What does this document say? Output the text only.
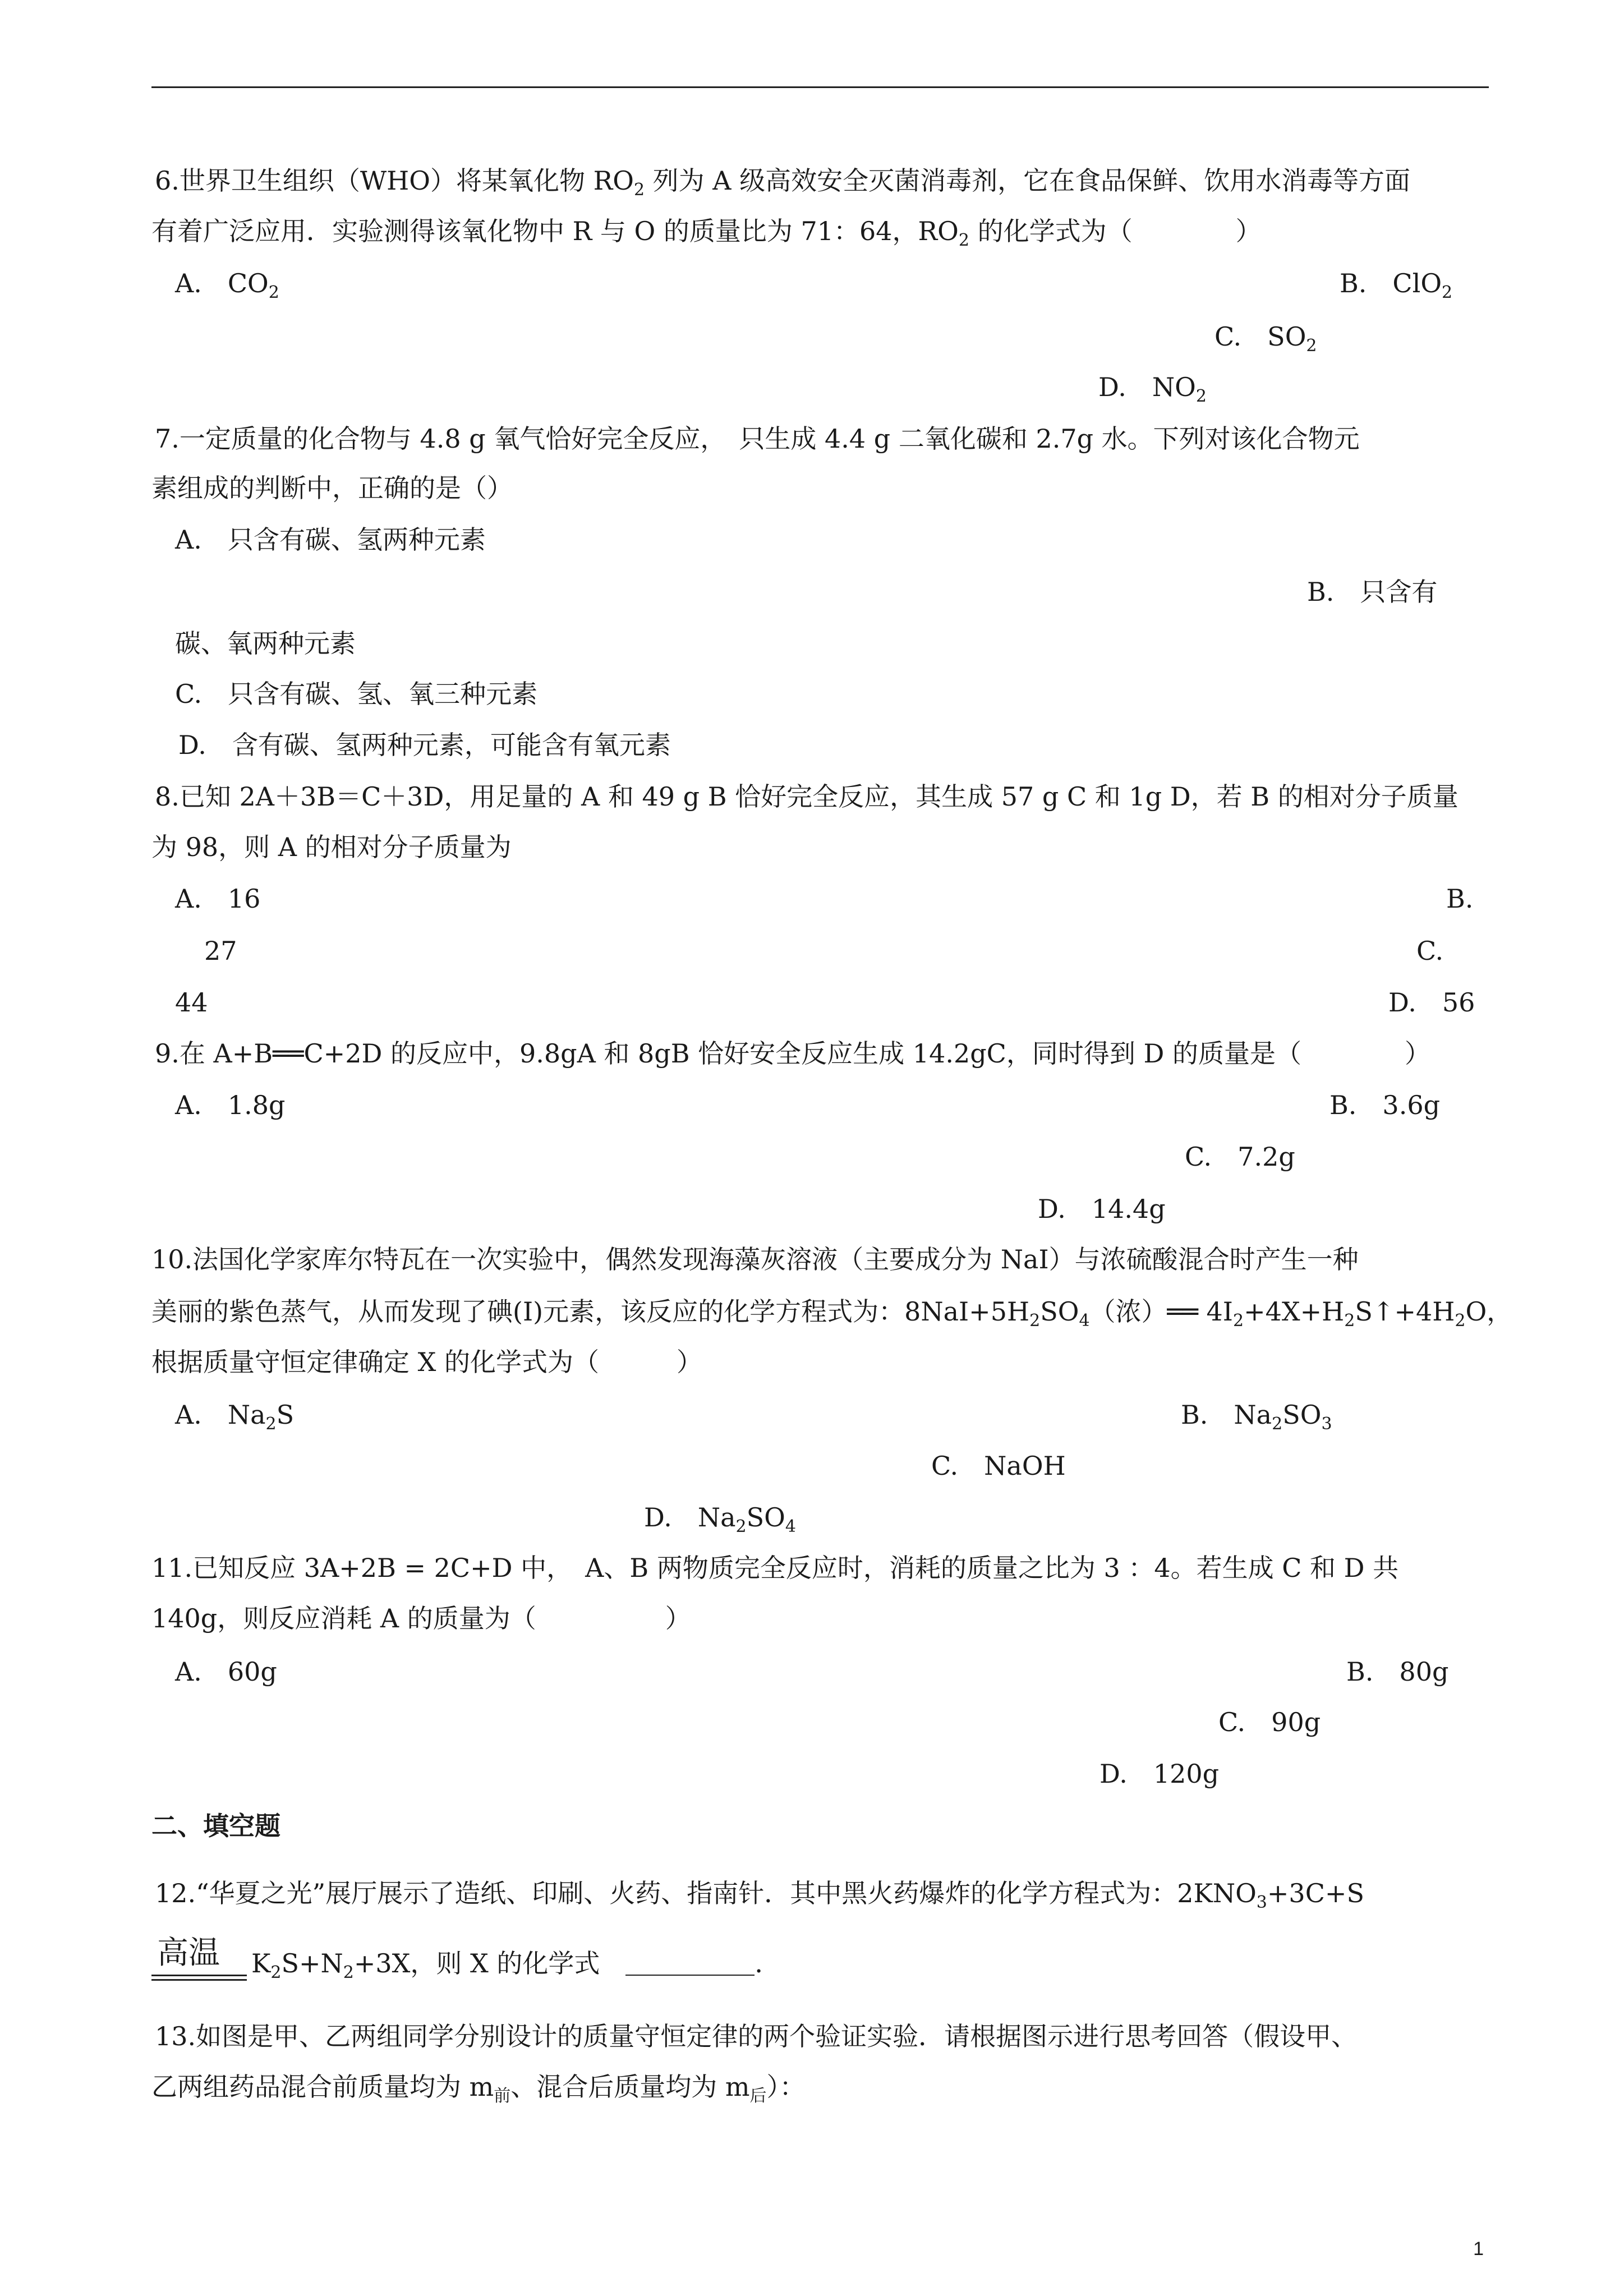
6.世界卫生组织（WHO）将某氧化物 $RO_2$ 列为 A 级高效安全灭菌消毒剂，它在食品保鲜、饮用水消毒等方面
有着广泛应用．实验测得该氧化物中 R 与 O 的质量比为 71：64，$RO_2$ 的化学式为（　　　　）
A.　$CO_2$	B.　ClO$_2$
C.　$SO_2$
D.　$NO_2$
7.一定质量的化合物与 4.8 g 氧气恰好完全反应，　只生成 4.4 g 二氧化碳和 2.7g 水。下列对该化合物元
素组成的判断中，正确的是（）
A.　只含有碳、氢两种元素
B.　只含有
碳、氧两种元素
C.　只含有碳、氢、氧三种元素
D.　含有碳、氢两种元素，可能含有氧元素
8.已知 2A＋3B＝C＋3D，用足量的 A 和 49 g B 恰好完全反应，其生成 57 g C 和 1g D，若 B 的相对分子质量
为 98，则 A 的相对分子质量为
A.　16	B.
27	C.
44	D.　56
9.在 A+B══C+2D 的反应中，9.8gA 和 8gB 恰好安全反应生成 14.2gC，同时得到 D 的质量是（　　　　）
A.　1.8g	B.　3.6g
C.　7.2g
D.　14.4g
10.法国化学家库尔特瓦在一次实验中，偶然发现海藻灰溶液（主要成分为 NaI）与浓硫酸混合时产生一种
美丽的紫色蒸气，从而发现了碘(I)元素，该反应的化学方程式为：$8NaI+5H_2SO_4$（浓）══ $4I_2+4X+H_2S↑+4H_2O$，
根据质量守恒定律确定 X 的化学式为（　　　）
A.　$Na_2S$	B.　$Na_2SO_3$
C.　NaOH
D.　$Na_2SO_4$
11.已知反应 3A+2B = 2C+D 中，　A、B 两物质完全反应时，消耗的质量之比为 3 ：4。若生成 C 和 D 共
140g，则反应消耗 A 的质量为（　　　　　）
A.　60g	B.　80g
C.　90g
D.　120g
二、填空题
12.“华夏之光”展厅展示了造纸、印刷、火药、指南针．其中黑火药爆炸的化学方程式为：$2KNO_3+3C+S$
高温 $K_2S+N_2+3X$，则 X 的化学式　	．
13.如图是甲、乙两组同学分别设计的质量守恒定律的两个验证实验．请根据图示进行思考回答（假设甲、
乙两组药品混合前质量均为 $m_前$、混合后质量均为 $m_后$）：
1
